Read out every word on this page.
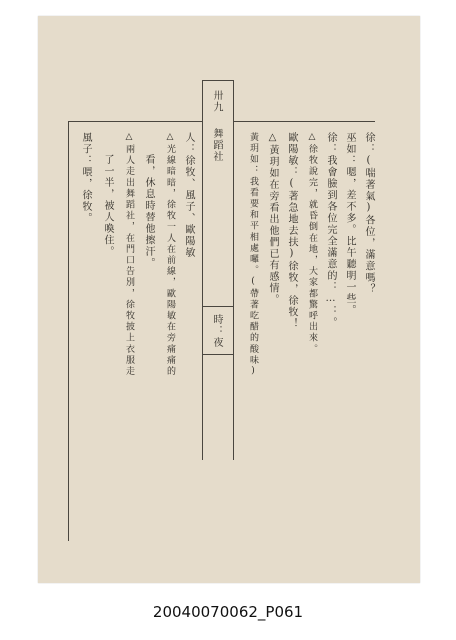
卅九
舞蹈社
時：夜
徐：(喘著氣)各位，滿意嗎？
巫如：嗯，差不多。比午聽明一些。
徐：我會臉到各位完全滿意的：…：。
△徐牧說完，就昏倒在地，大家都驚呼出來。
歐陽敏：(著急地去扶)徐牧，徐牧！
△黃玥如在旁看出他們已有感情。
黃玥如：我看要和平相處囉。(帶著吃醋的酸味)
人：徐牧、風子、歐陽敏
△光線暗暗，徐牧一人在前線，歐陽敏在旁痛痛的
看，休息時替他擦汗。
△兩人走出舞蹈社，在門口告別，徐牧披上衣服走
了一半，被人喚住。
風子：喂，徐牧。
20040070062_P061
